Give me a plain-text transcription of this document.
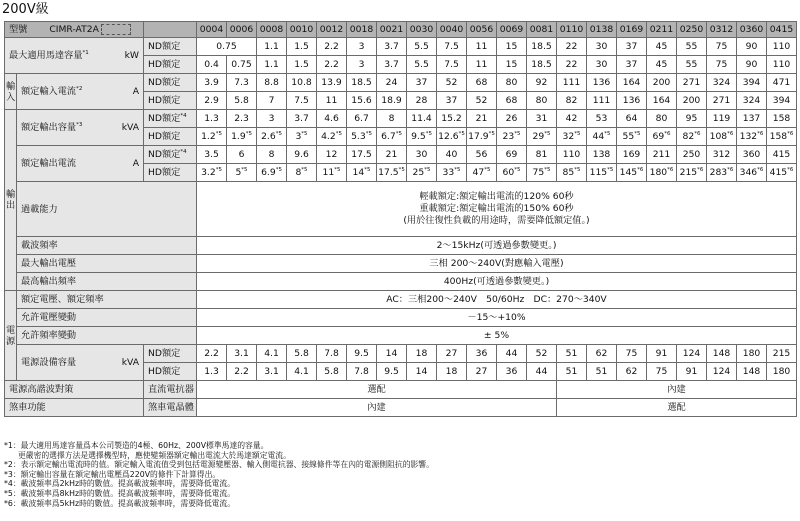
200V級
型號 CIMR-AT2A			0004	0006	0008	0010	0012	0018	0021	0030	0040	0056	0069	0081	0110	0138	0169	0211	0250	0312	0360	0415
最大適用馬達容量$^{*1}$ kW		ND額定	0.75		1.1	1.5	2.2	3	3.7	5.5	7.5	11	15	18.5	22	30	37	45	55	75	90	110
		HD額定	0.4	0.75	1.1	1.5	2.2	3	3.7	5.5	7.5	11	15	18.5	22	30	37	45	55	75	90	110
輸入	額定輸入電流$^{*2}$ A	ND額定	3.9	7.3	8.8	10.8	13.9	18.5	24	37	52	68	80	92	111	136	164	200	271	324	394	471
		HD額定	2.9	5.8	7	7.5	11	15.6	18.9	28	37	52	68	80	82	111	136	164	200	271	324	394
輸出	額定輸出容量$^{*3}$ kVA	ND額定$^{*4}$	1.3	2.3	3	3.7	4.6	6.7	8	11.4	15.2	21	26	31	42	53	64	80	95	119	137	158
		HD額定	1.2$^{*5}$	1.9$^{*5}$	2.6$^{*5}$	3$^{*5}$	4.2$^{*5}$	5.3$^{*5}$	6.7$^{*5}$	9.5$^{*5}$	12.6$^{*5}$	17.9$^{*5}$	23$^{*5}$	29$^{*5}$	32$^{*5}$	44$^{*5}$	55$^{*5}$	69$^{*6}$	82$^{*6}$	108$^{*6}$	132$^{*6}$	158$^{*6}$
	額定輸出電流 A	ND額定$^{*4}$	3.5	6	8	9.6	12	17.5	21	30	40	56	69	81	110	138	169	211	250	312	360	415
		HD額定	3.2$^{*5}$	5$^{*5}$	6.9$^{*5}$	8$^{*5}$	11$^{*5}$	14$^{*5}$	17.5$^{*5}$	25$^{*5}$	33$^{*5}$	47$^{*5}$	60$^{*5}$	75$^{*5}$	85$^{*5}$	115$^{*5}$	145$^{*6}$	180$^{*6}$	215$^{*6}$	283$^{*6}$	346$^{*6}$	415$^{*6}$
	過載能力		輕載額定:額定輸出電流的120% 60秒
重載額定:額定輸出電流的150% 60秒
(用於往復性負載的用途時，需要降低額定值。)																			

	載波頻率		2～15kHz(可透過參數變更。)																			
	最大輸出電壓		三相 200～240V(對應輸入電壓)																			
	最高輸出頻率		400Hz(可透過參數變更。)																			
電源	額定電壓、額定頻率		AC：三相200～240V　50/60Hz　DC：270～340V																			
	允許電壓變動		－15～+10%																			
	允許頻率變動		± 5%																			
	電源設備容量 kVA	ND額定	2.2	3.1	4.1	5.8	7.8	9.5	14	18	27	36	44	52	51	62	75	91	124	148	180	215
		HD額定	1.3	2.2	3.1	4.1	5.8	7.8	9.5	14	18	27	36	44	51	51	62	75	91	124	148	180
電源高諧波對策		直流電抗器	選配												內建							
煞車功能		煞車電晶體	內建												選配							
*1：最大適用馬達容量爲本公司製造的4極、60Hz、200V標準馬達的容量。
更嚴密的選擇方法是選擇機型時，應使變頻器額定輸出電流大於馬達額定電流。
*2：表示額定輸出電流時的值。額定輸入電流值受到包括電源變壓器、輸入側電抗器、接線條件等在內的電源側阻抗的影響。
*3：額定輸出容量在額定輸出電壓爲220V的條件下計算得出。
*4：載波頻率爲2kHz時的數值。提高載波頻率時，需要降低電流。
*5：載波頻率爲8kHz時的數值。提高載波頻率時，需要降低電流。
*6：載波頻率爲5kHz時的數值。提高載波頻率時，需要降低電流。
